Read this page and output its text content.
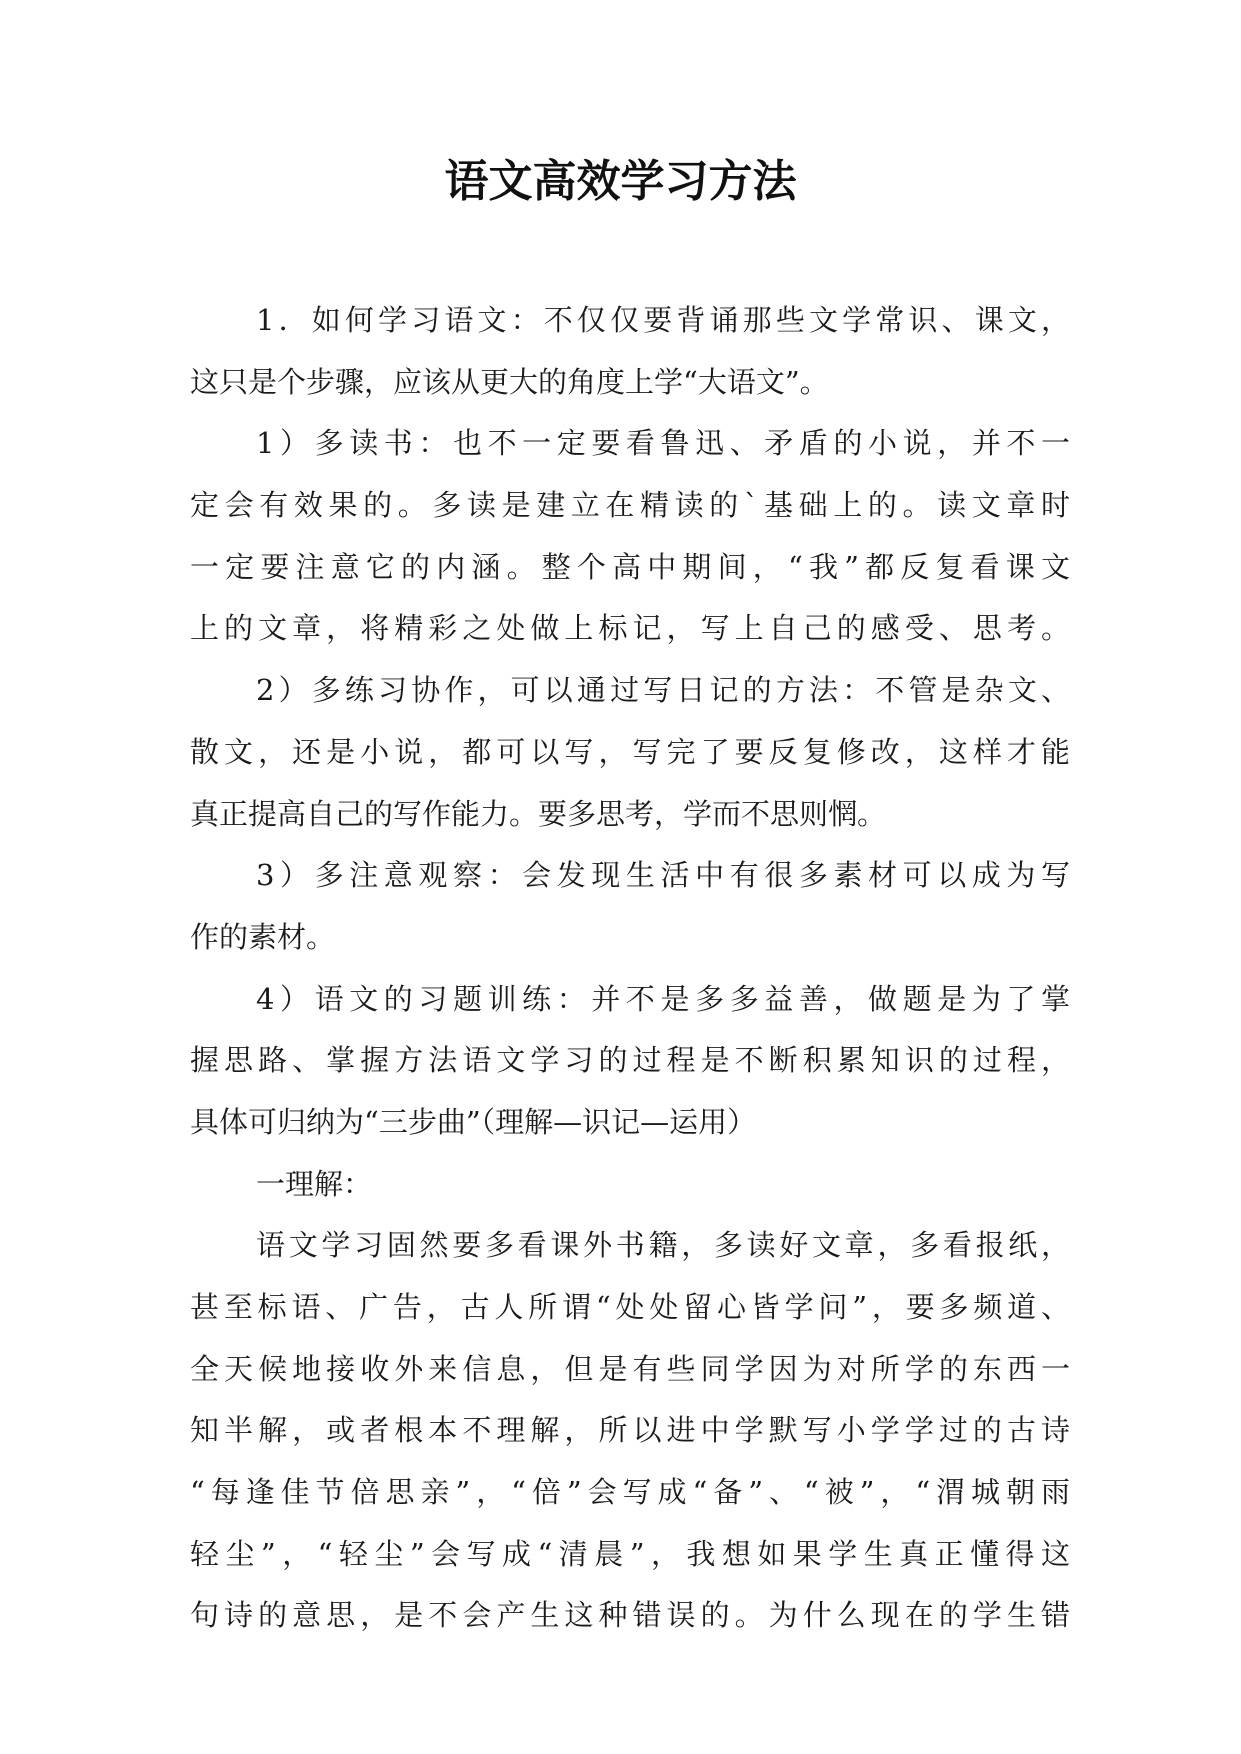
语文高效学习方法
1．如何学习语文：不仅仅要背诵那些文学常识、课文，
这只是个步骤，应该从更大的角度上学“大语文”。
1）多读书：也不一定要看鲁迅、矛盾的小说，并不一
定会有效果的。多读是建立在精读的`基础上的。读文章时
一定要注意它的内涵。整个高中期间，“我”都反复看课文
上的文章，将精彩之处做上标记，写上自己的感受、思考。
2）多练习协作，可以通过写日记的方法：不管是杂文、
散文，还是小说，都可以写，写完了要反复修改，这样才能
真正提高自己的写作能力。要多思考，学而不思则惘。
3）多注意观察：会发现生活中有很多素材可以成为写
作的素材。
4）语文的习题训练：并不是多多益善，做题是为了掌
握思路、掌握方法语文学习的过程是不断积累知识的过程，
具体可归纳为“三步曲”（理解—识记—运用）
一理解：
语文学习固然要多看课外书籍，多读好文章，多看报纸，
甚至标语、广告，古人所谓“处处留心皆学问”，要多频道、
全天候地接收外来信息，但是有些同学因为对所学的东西一
知半解，或者根本不理解，所以进中学默写小学学过的古诗
“每逢佳节倍思亲”，“倍”会写成“备”、“被”，“渭城朝雨
轻尘”，“轻尘”会写成“清晨”，我想如果学生真正懂得这
句诗的意思，是不会产生这种错误的。为什么现在的学生错
